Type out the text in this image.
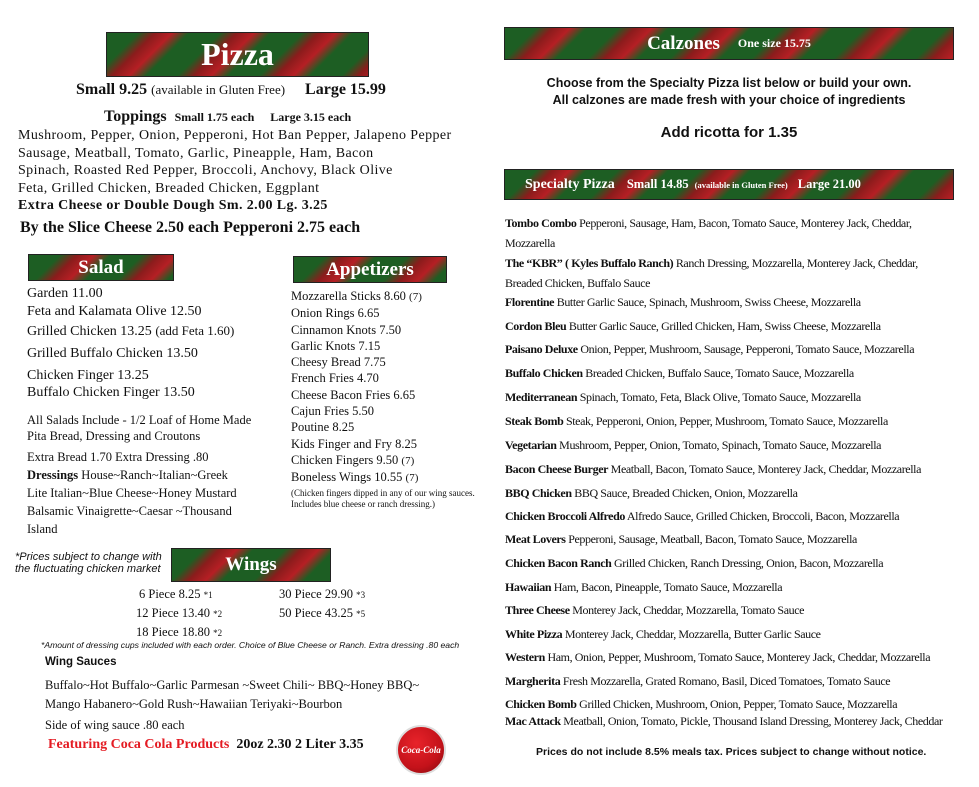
Pizza
Small 9.25 (available in Gluten Free) Large 15.99
Toppings Small 1.75 each Large 3.15 each
Mushroom, Pepper, Onion, Pepperoni, Hot Ban Pepper, Jalapeno Pepper
Sausage, Meatball, Tomato, Garlic, Pineapple, Ham, Bacon
Spinach, Roasted Red Pepper, Broccoli, Anchovy, Black Olive
Feta, Grilled Chicken, Breaded Chicken, Eggplant
Extra Cheese or Double Dough Sm. 2.00 Lg. 3.25
By the Slice Cheese 2.50 each Pepperoni 2.75 each
Salad
Garden 11.00
Feta and Kalamata Olive 12.50
Grilled Chicken 13.25 (add Feta 1.60)
Grilled Buffalo Chicken 13.50
Chicken Finger 13.25
Buffalo Chicken Finger 13.50
All Salads Include - 1/2 Loaf of Home Made
Pita Bread, Dressing and Croutons
Extra Bread 1.70 Extra Dressing .80
Dressings House~Ranch~Italian~Greek
Lite Italian~Blue Cheese~Honey Mustard
Balsamic Vinaigrette~Caesar ~Thousand
Island
Appetizers
Mozzarella Sticks 8.60 (7)
Onion Rings 6.65
Cinnamon Knots 7.50
Garlic Knots 7.15
Cheesy Bread 7.75
French Fries 4.70
Cheese Bacon Fries 6.65
Cajun Fries 5.50
Poutine 8.25
Kids Finger and Fry 8.25
Chicken Fingers 9.50 (7)
Boneless Wings 10.55 (7)
(Chicken fingers dipped in any of our wing sauces.
Includes blue cheese or ranch dressing.)
*Prices subject to change with
the fluctuating chicken market	Wings
6 Piece 8.25 *1
12 Piece 13.40 *2
18 Piece 18.80 *2
30 Piece 29.90 *3
50 Piece 43.25 *5
*Amount of dressing cups included with each order. Choice of Blue Cheese or Ranch. Extra dressing .80 each
Wing Sauces
Buffalo~Hot Buffalo~Garlic Parmesan ~Sweet Chili~ BBQ~Honey BBQ~
Mango Habanero~Gold Rush~Hawaiian Teriyaki~Bourbon
Side of wing sauce .80 each
Featuring Coca Cola Products 20oz 2.30 2 Liter 3.35	Coca-Cola
Calzones One size 15.75
Choose from the Specialty Pizza list below or build your own.
All calzones are made fresh with your choice of ingredients
Add ricotta for 1.35
Specialty Pizza Small 14.85 (available in Gluten Free) Large 21.00
Tombo Combo Pepperoni, Sausage, Ham, Bacon, Tomato Sauce, Monterey Jack, Cheddar,
Mozzarella
The “KBR” ( Kyles Buffalo Ranch) Ranch Dressing, Mozzarella, Monterey Jack, Cheddar,
Breaded Chicken, Buffalo Sauce
Florentine Butter Garlic Sauce, Spinach, Mushroom, Swiss Cheese, Mozzarella
Cordon Bleu Butter Garlic Sauce, Grilled Chicken, Ham, Swiss Cheese, Mozzarella
Paisano Deluxe Onion, Pepper, Mushroom, Sausage, Pepperoni, Tomato Sauce, Mozzarella
Buffalo Chicken Breaded Chicken, Buffalo Sauce, Tomato Sauce, Mozzarella
Mediterranean Spinach, Tomato, Feta, Black Olive, Tomato Sauce, Mozzarella
Steak Bomb Steak, Pepperoni, Onion, Pepper, Mushroom, Tomato Sauce, Mozzarella
Vegetarian Mushroom, Pepper, Onion, Tomato, Spinach, Tomato Sauce, Mozzarella
Bacon Cheese Burger Meatball, Bacon, Tomato Sauce, Monterey Jack, Cheddar, Mozzarella
BBQ Chicken BBQ Sauce, Breaded Chicken, Onion, Mozzarella
Chicken Broccoli Alfredo Alfredo Sauce, Grilled Chicken, Broccoli, Bacon, Mozzarella
Meat Lovers Pepperoni, Sausage, Meatball, Bacon, Tomato Sauce, Mozzarella
Chicken Bacon Ranch Grilled Chicken, Ranch Dressing, Onion, Bacon, Mozzarella
Hawaiian Ham, Bacon, Pineapple, Tomato Sauce, Mozzarella
Three Cheese Monterey Jack, Cheddar, Mozzarella, Tomato Sauce
White Pizza Monterey Jack, Cheddar, Mozzarella, Butter Garlic Sauce
Western Ham, Onion, Pepper, Mushroom, Tomato Sauce, Monterey Jack, Cheddar, Mozzarella
Margherita Fresh Mozzarella, Grated Romano, Basil, Diced Tomatoes, Tomato Sauce
Chicken Bomb Grilled Chicken, Mushroom, Onion, Pepper, Tomato Sauce, Mozzarella
Mac Attack Meatball, Onion, Tomato, Pickle, Thousand Island Dressing, Monterey Jack, Cheddar
Prices do not include 8.5% meals tax. Prices subject to change without notice.
